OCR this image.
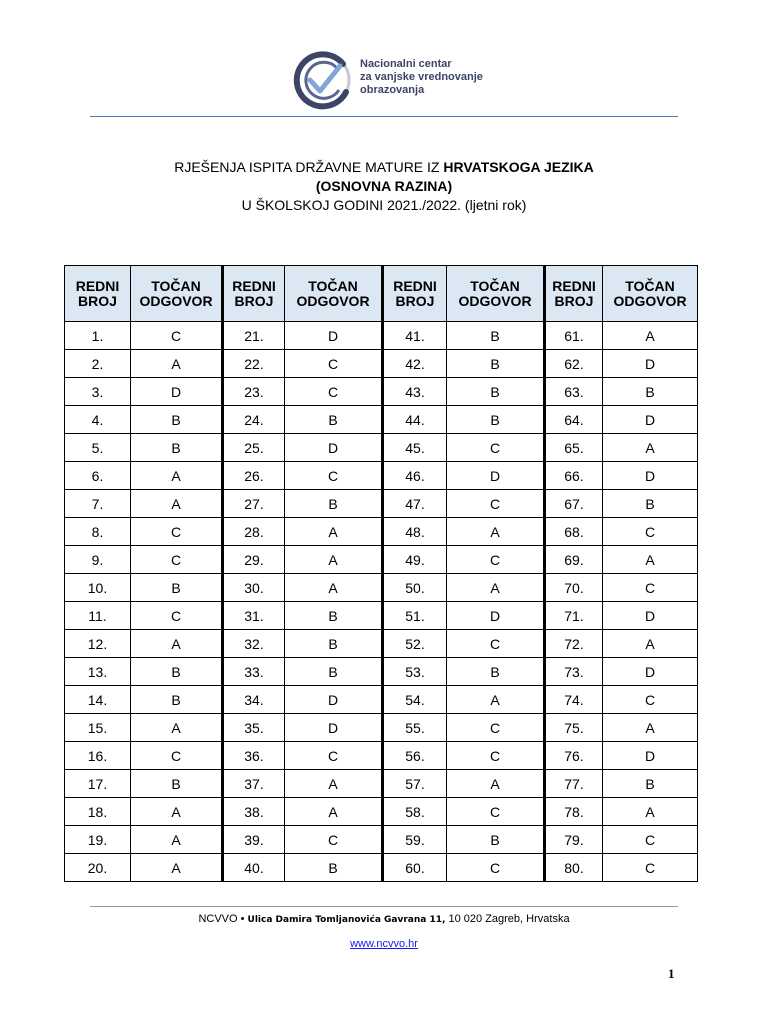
Nacionalni centar
za vanjske vrednovanje
obrazovanja
RJEŠENJA ISPITA DRŽAVNE MATURE IZ HRVATSKOGA JEZIKA
(OSNOVNA RAZINA)
U ŠKOLSKOJ GODINI 2021./2022. (ljetni rok)
REDNI
BROJ	TOČAN
ODGOVOR	REDNI
BROJ	TOČAN
ODGOVOR	REDNI
BROJ	TOČAN
ODGOVOR	REDNI
BROJ	TOČAN
ODGOVOR
1.	C	21.	D	41.	B	61.	A
2.	A	22.	C	42.	B	62.	D
3.	D	23.	C	43.	B	63.	B
4.	B	24.	B	44.	B	64.	D
5.	B	25.	D	45.	C	65.	A
6.	A	26.	C	46.	D	66.	D
7.	A	27.	B	47.	C	67.	B
8.	C	28.	A	48.	A	68.	C
9.	C	29.	A	49.	C	69.	A
10.	B	30.	A	50.	A	70.	C
11.	C	31.	B	51.	D	71.	D
12.	A	32.	B	52.	C	72.	A
13.	B	33.	B	53.	B	73.	D
14.	B	34.	D	54.	A	74.	C
15.	A	35.	D	55.	C	75.	A
16.	C	36.	C	56.	C	76.	D
17.	B	37.	A	57.	A	77.	B
18.	A	38.	A	58.	C	78.	A
19.	A	39.	C	59.	B	79.	C
20.	A	40.	B	60.	C	80.	C
NCVVO • Ulica Damira Tomljanovića Gavrana 11, 10 020 Zagreb, Hrvatska
www.ncvvo.hr
1
